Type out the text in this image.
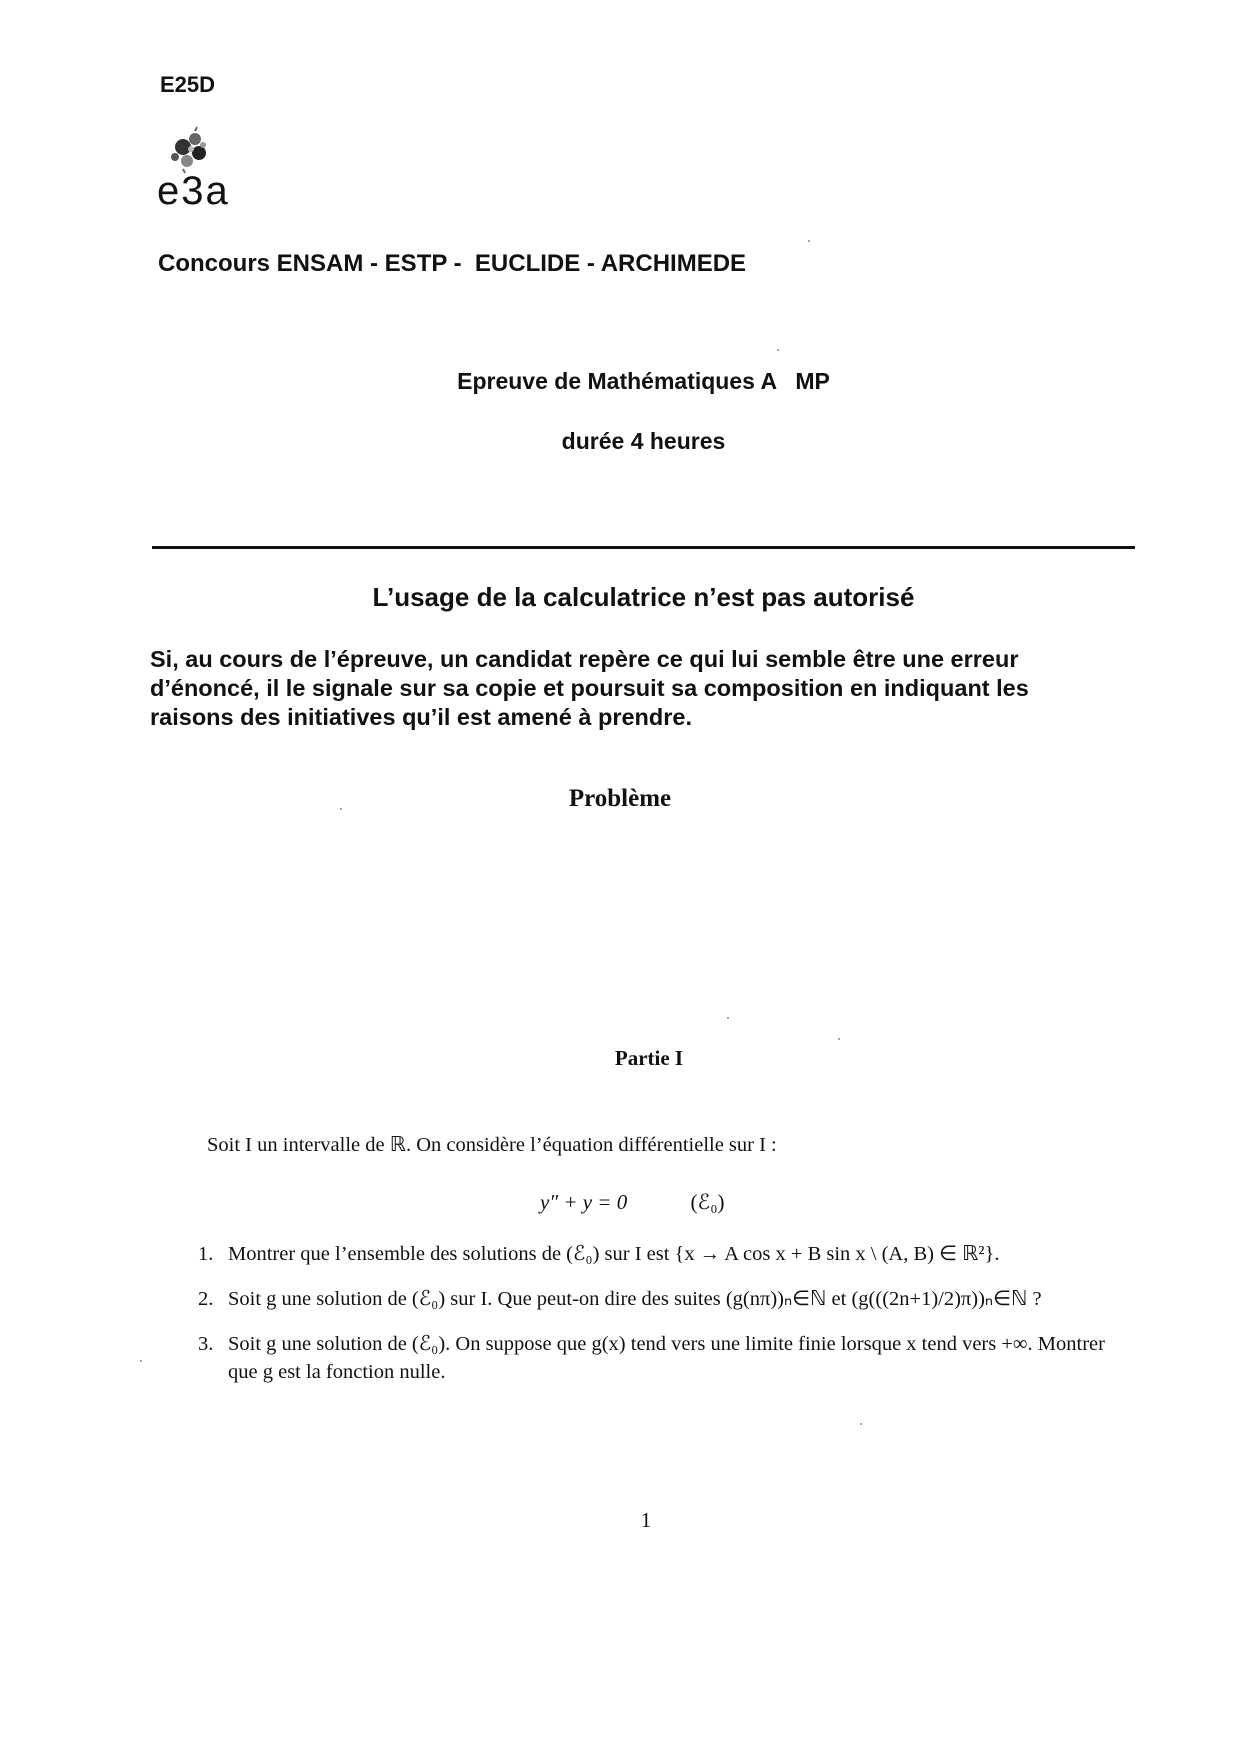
E25D
e3a
Concours ENSAM - ESTP -  EUCLIDE - ARCHIMEDE
Epreuve de Mathématiques A   MP
durée 4 heures
L’usage de la calculatrice n’est pas autorisé
Si, au cours de l’épreuve, un candidat repère ce qui lui semble être une erreur d’énoncé, il le signale sur sa copie et poursuit sa composition en indiquant les raisons des initiatives qu’il est amené à prendre.
Problème
Partie I
Soit I un intervalle de ℝ. On considère l’équation différentielle sur I :
y″ + y = 0	(ℰ₀)
1. Montrer que l’ensemble des solutions de (ℰ₀) sur I est {x → A cos x + B sin x \ (A, B) ∈ ℝ²}.
2. Soit g une solution de (ℰ₀) sur I. Que peut-on dire des suites (g(nπ))ₙ∈ℕ et (g(((2n+1)/2)π))ₙ∈ℕ ?
3. Soit g une solution de (ℰ₀). On suppose que g(x) tend vers une limite finie lorsque x tend vers +∞. Montrer que g est la fonction nulle.
1
